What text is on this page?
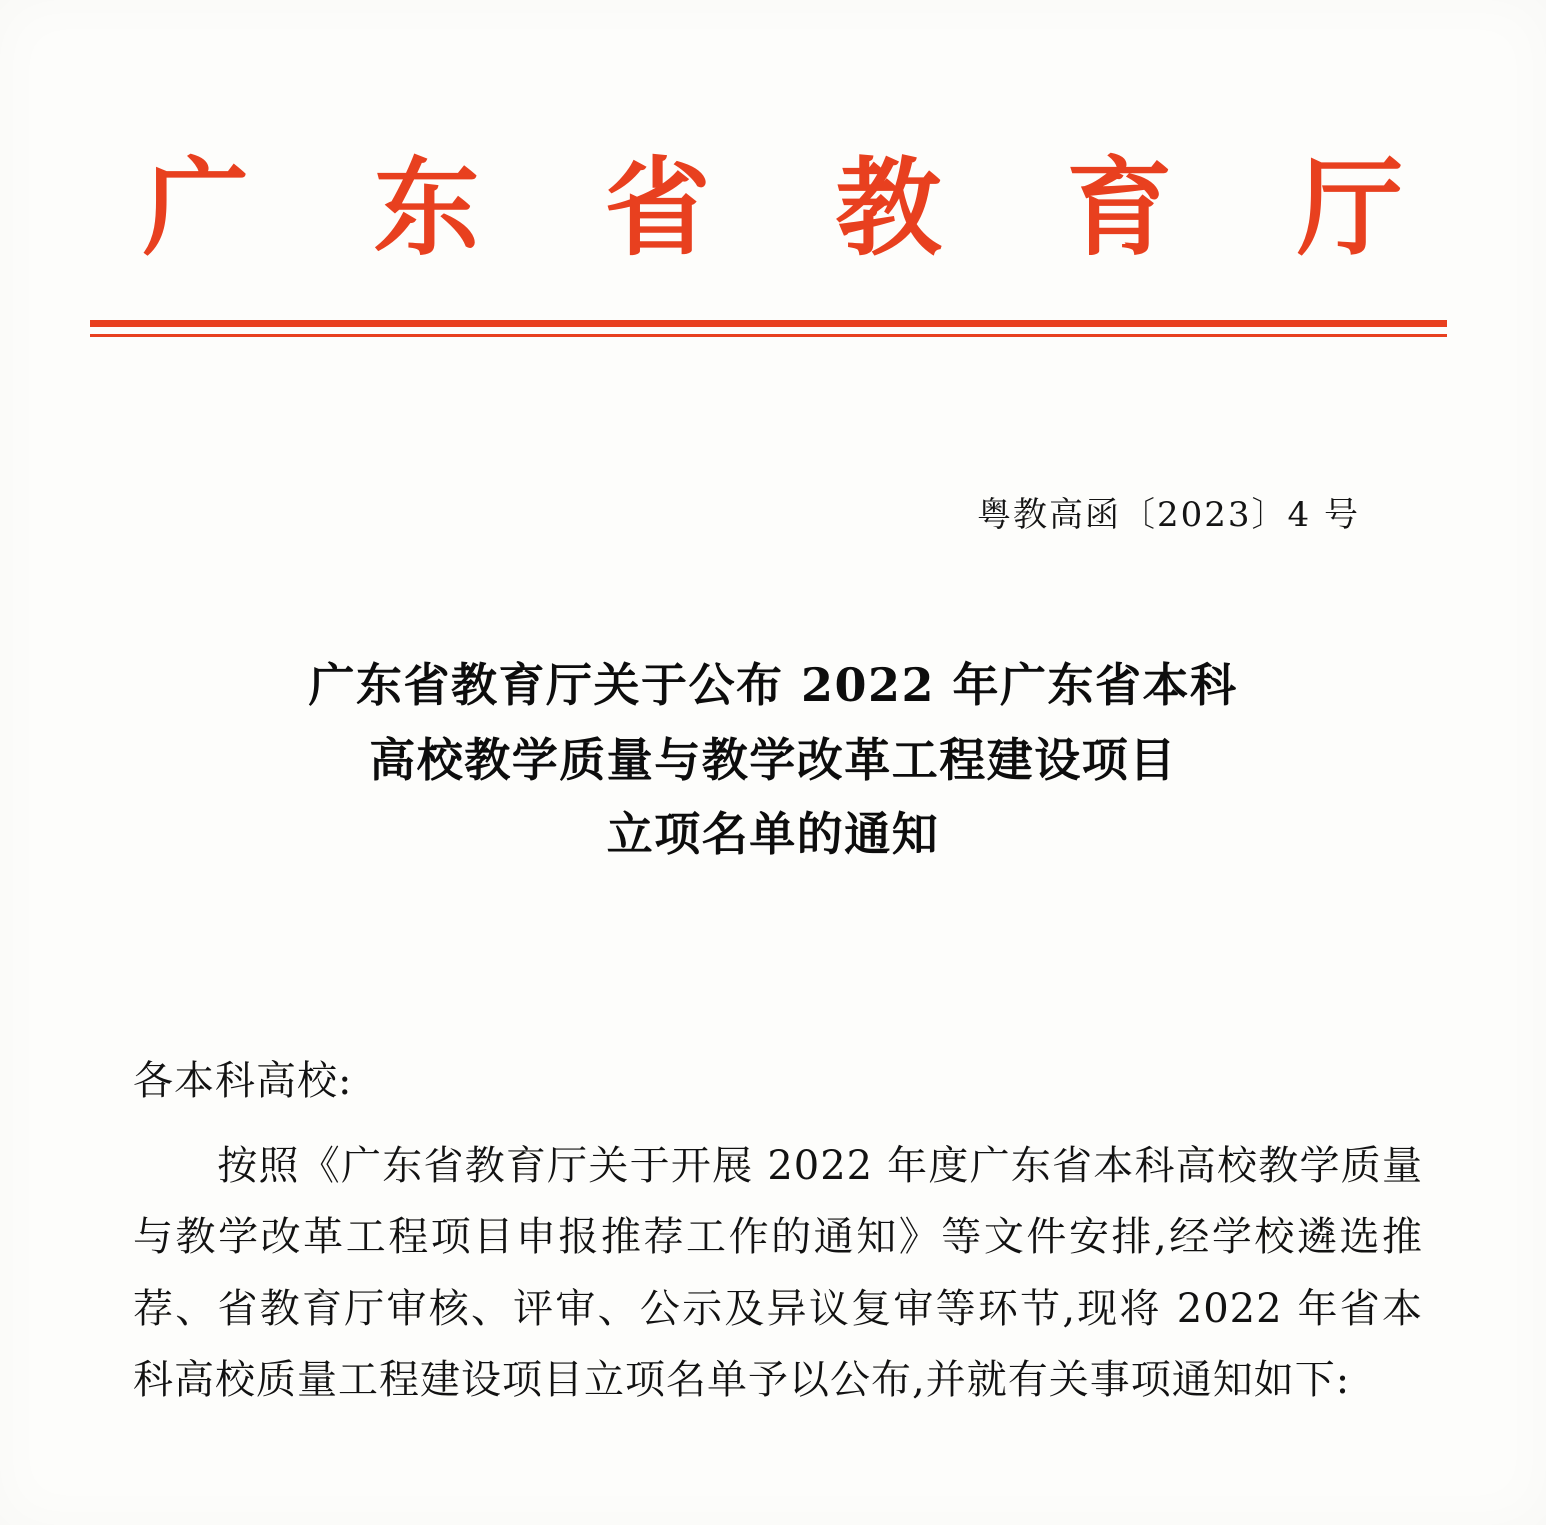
广 东 省 教 育 厅
粤教高函〔2023〕4 号
广东省教育厅关于公布 2022 年广东省本科
高校教学质量与教学改革工程建设项目
立项名单的通知

各本科高校:

按照《广东省教育厅关于开展 2022 年度广东省本科高校教学质量与教学改革工程项目申报推荐工作的通知》等文件安排,经学校遴选推荐、省教育厅审核、评审、公示及异议复审等环节,现将 2022 年省本科高校质量工程建设项目立项名单予以公布,并就有关事项通知如下:
